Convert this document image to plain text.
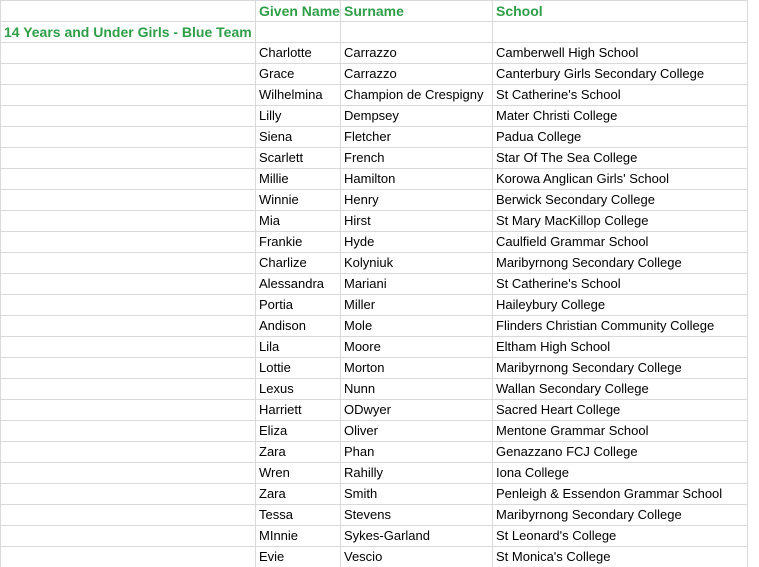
	Given Name	Surname	School
14 Years and Under Girls - Blue Team			
	Charlotte	Carrazzo	Camberwell High School
	Grace	Carrazzo	Canterbury Girls Secondary College
	Wilhelmina	Champion de Crespigny	St Catherine's School
	Lilly	Dempsey	Mater Christi College
	Siena	Fletcher	Padua College
	Scarlett	French	Star Of The Sea College
	Millie	Hamilton	Korowa Anglican Girls' School
	Winnie	Henry	Berwick Secondary College
	Mia	Hirst	St Mary MacKillop College
	Frankie	Hyde	Caulfield Grammar School
	Charlize	Kolyniuk	Maribyrnong Secondary College
	Alessandra	Mariani	St Catherine's School
	Portia	Miller	Haileybury College
	Andison	Mole	Flinders Christian Community College
	Lila	Moore	Eltham High School
	Lottie	Morton	Maribyrnong Secondary College
	Lexus	Nunn	Wallan Secondary College
	Harriett	ODwyer	Sacred Heart College
	Eliza	Oliver	Mentone Grammar School
	Zara	Phan	Genazzano FCJ College
	Wren	Rahilly	Iona College
	Zara	Smith	Penleigh & Essendon Grammar School
	Tessa	Stevens	Maribyrnong Secondary College
	MInnie	Sykes-Garland	St Leonard's College
	Evie	Vescio	St Monica's College
